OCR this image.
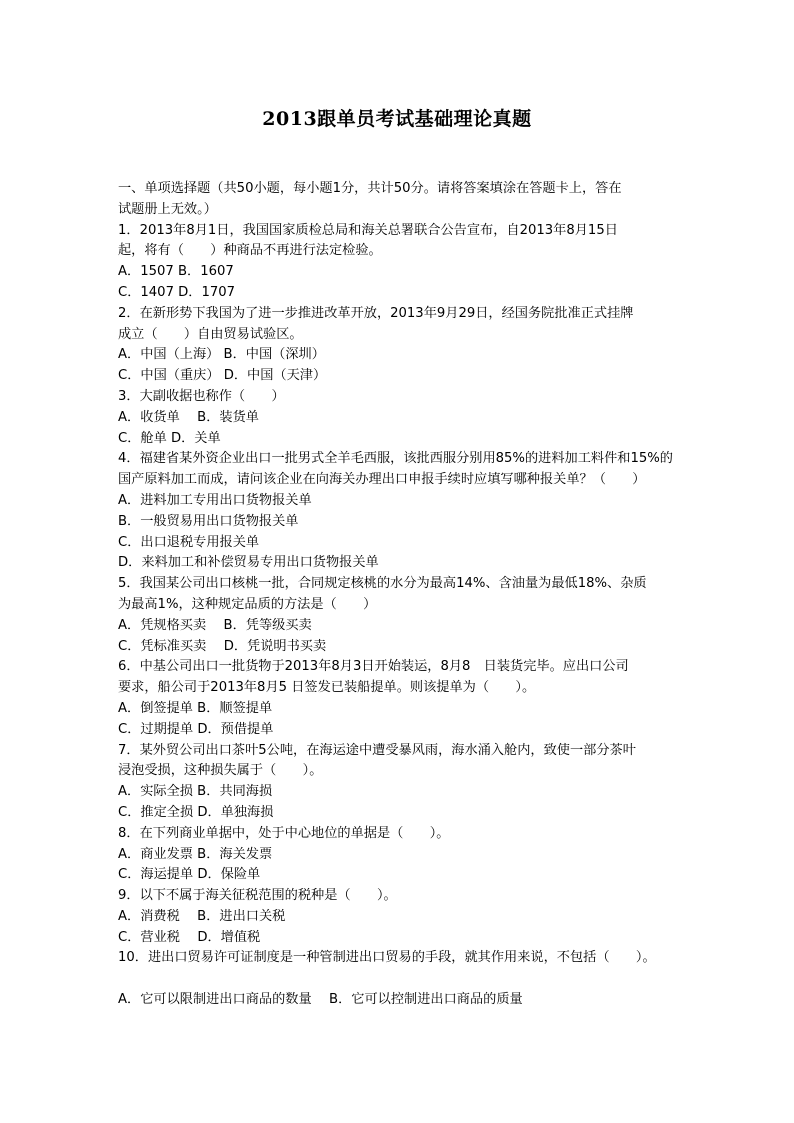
2013跟单员考试基础理论真题
一、单项选择题（共50小题，每小题1分，共计50分。请将答案填涂在答题卡上，答在
试题册上无效。）
1．2013年8月1日，我国国家质检总局和海关总署联合公告宣布，自2013年8月15日
起，将有（　　）种商品不再进行法定检验。
A．1507 B．1607
C．1407 D．1707
2．在新形势下我国为了进一步推进改革开放，2013年9月29日，经国务院批准正式挂牌
成立（　　）自由贸易试验区。
A．中国（上海） B．中国（深圳）
C．中国（重庆） D．中国（天津）
3．大副收据也称作（　　）
A．收货单　 B．装货单
C．舱单 D．关单
4．福建省某外资企业出口一批男式全羊毛西服，该批西服分别用85%的进料加工料件和15%的
国产原料加工而成，请问该企业在向海关办理出口申报手续时应填写哪种报关单？（　　）
A．进料加工专用出口货物报关单
B．一般贸易用出口货物报关单
C．出口退税专用报关单
D．来料加工和补偿贸易专用出口货物报关单
5．我国某公司出口核桃一批，合同规定核桃的水分为最高14%、含油量为最低18%、杂质
为最高1%，这种规定品质的方法是（　　）
A．凭规格买卖　 B．凭等级买卖
C．凭标准买卖　 D．凭说明书买卖
6．中基公司出口一批货物于2013年8月3日开始装运，8月8　日装货完毕。应出口公司
要求，船公司于2013年8月5 日签发已装船提单。则该提单为（　　）。
A．倒签提单 B．顺签提单
C．过期提单 D．预借提单
7．某外贸公司出口茶叶5公吨，在海运途中遭受暴风雨，海水涌入舱内，致使一部分茶叶
浸泡受损，这种损失属于（　　）。
A．实际全损 B．共同海损
C．推定全损 D．单独海损
8．在下列商业单据中，处于中心地位的单据是（　　）。
A．商业发票 B．海关发票
C．海运提单 D．保险单
9．以下不属于海关征税范围的税种是（　　）。
A．消费税　 B．进出口关税
C．营业税　 D．增值税
10．进出口贸易许可证制度是一种管制进出口贸易的手段，就其作用来说，不包括（　　）。
A．它可以限制进出口商品的数量　 B．它可以控制进出口商品的质量
